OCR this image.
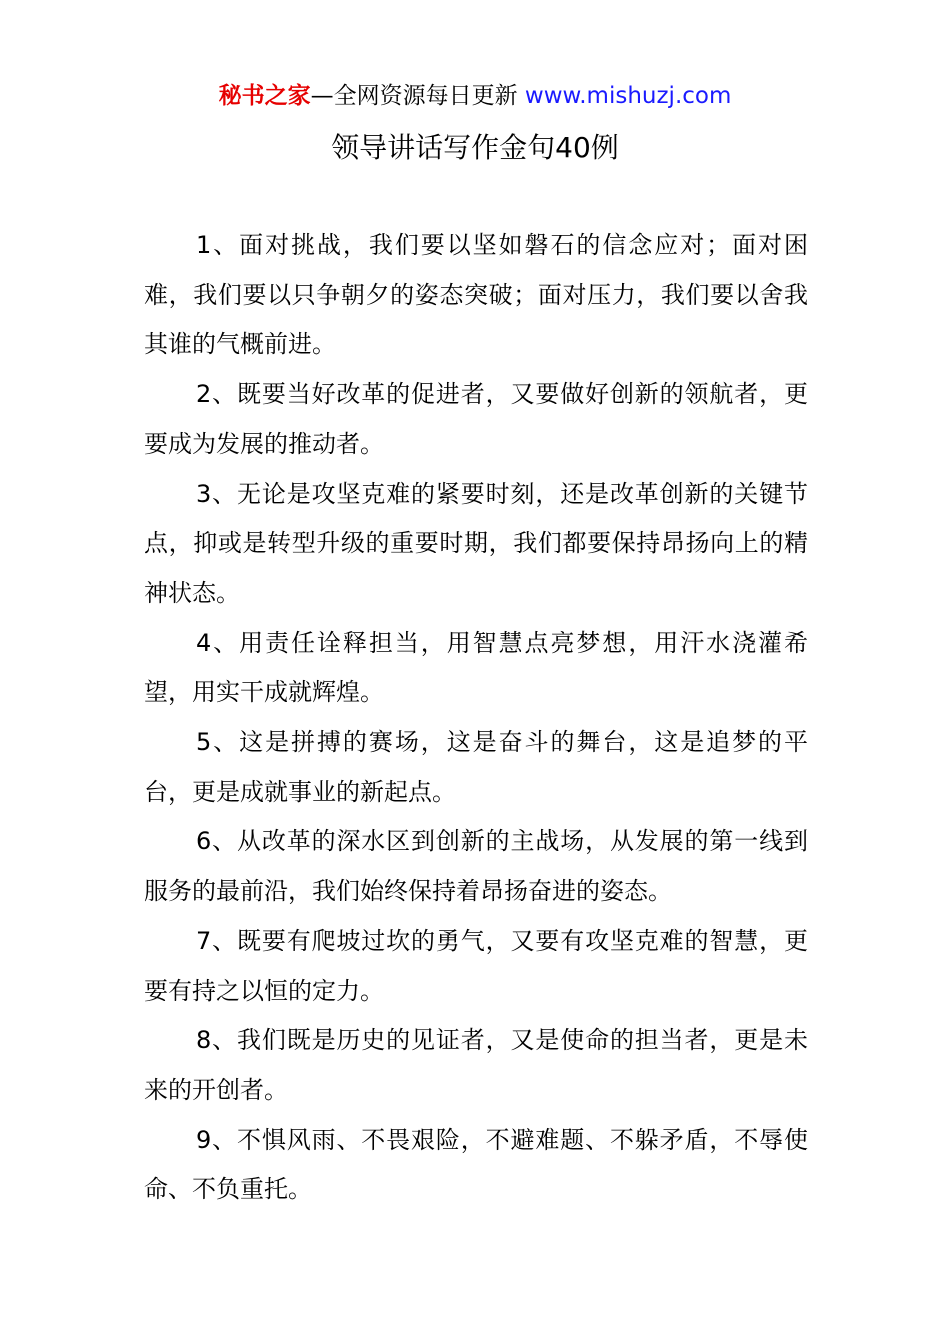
秘书之家—全网资源每日更新 www.mishuzj.com
领导讲话写作金句40例

1、面对挑战，我们要以坚如磐石的信念应对；面对困难，我们要以只争朝夕的姿态突破；面对压力，我们要以舍我其谁的气概前进。

2、既要当好改革的促进者，又要做好创新的领航者，更要成为发展的推动者。

3、无论是攻坚克难的紧要时刻，还是改革创新的关键节点，抑或是转型升级的重要时期，我们都要保持昂扬向上的精神状态。

4、用责任诠释担当，用智慧点亮梦想，用汗水浇灌希望，用实干成就辉煌。

5、这是拼搏的赛场，这是奋斗的舞台，这是追梦的平台，更是成就事业的新起点。

6、从改革的深水区到创新的主战场，从发展的第一线到服务的最前沿，我们始终保持着昂扬奋进的姿态。

7、既要有爬坡过坎的勇气，又要有攻坚克难的智慧，更要有持之以恒的定力。

8、我们既是历史的见证者，又是使命的担当者，更是未来的开创者。

9、不惧风雨、不畏艰险，不避难题、不躲矛盾，不辱使命、不负重托。
